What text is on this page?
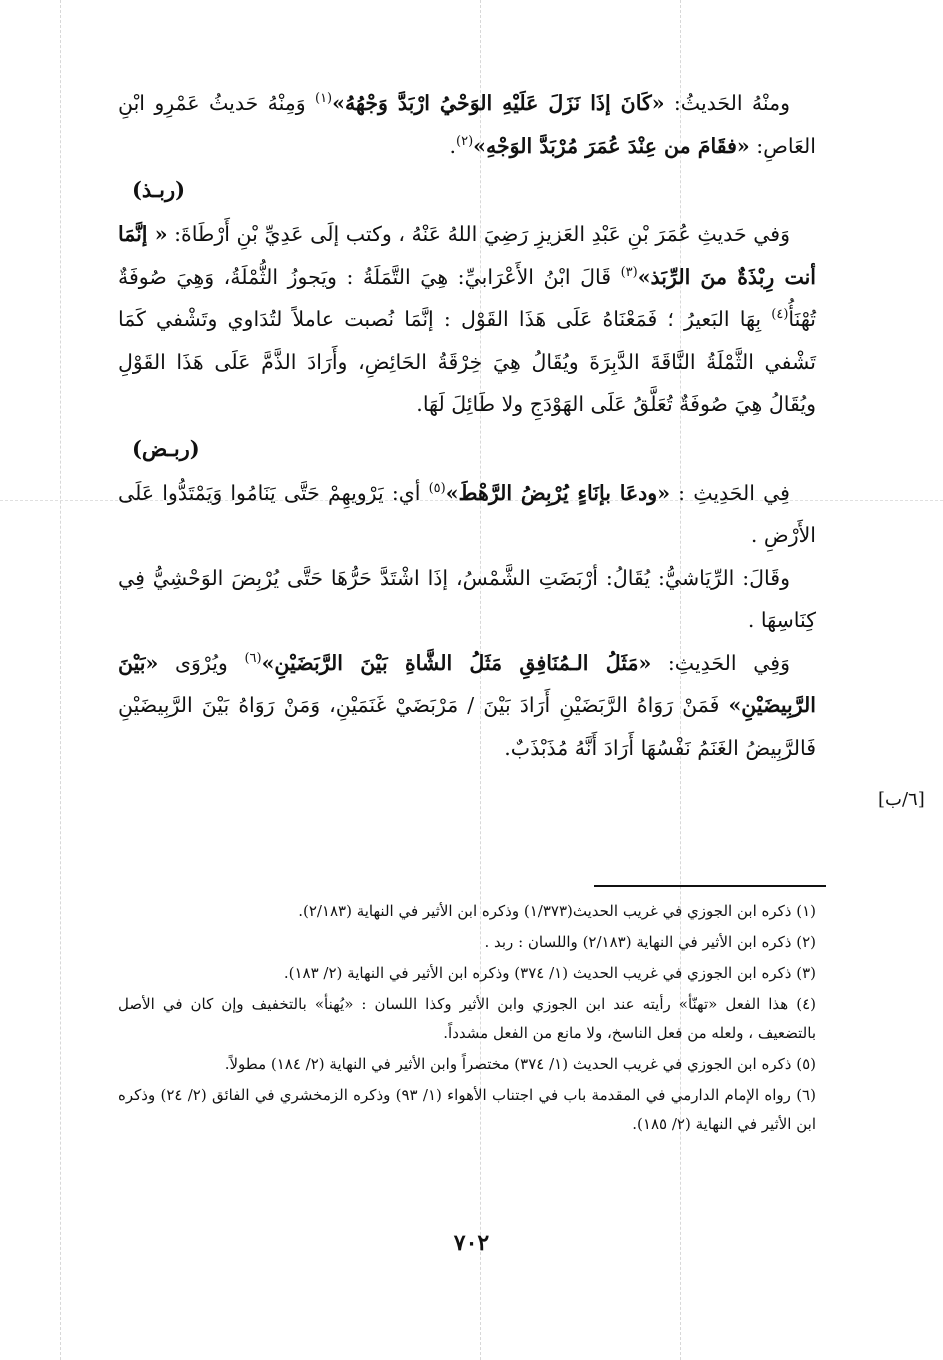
ومنْهُ الحَديثُ: «كَانَ إذَا نَزَلَ عَلَيْهِ الوَحْيُ ارْبَدَّ وَجْهُهُ»$^{(١)}$ وَمِنْهُ حَديثُ عَمْرِو ابْنِ العَاصِ: «فقَامَ من عِنْدَ عُمَرَ مُرْبَدَّ الوَجْهِ»$^{(٢)}$.

(ربـذ)

وَفي حَديثِ عُمَرَ بْنِ عَبْدِ العَزيزِ رَضِيَ اللهُ عَنْهُ ، وكتب إلَى عَدِيِّ بْنِ أَرْطَاةَ: « إنَّمَا أنت رِبْذَةٌ منَ الرِّبَذ»$^{(٣)}$ قَالَ ابْنُ الأَعْرَابيِّ: هِيَ التَّمَلَةُ : ويَجوزُ الثُّمْلَةُ، وَهِيَ صُوفَةٌ تُهْنَأُ$^{(٤)}$ بِهَا البَعيرُ ؛ فَمَعْنَاهُ عَلَى هَذَا القَوْل : إنَّمَا نُصبت عاملاً لتُدَاوي وتَشْفي كَمَا تَشْفي الثَّمْلَةُ النَّاقَةَ الدَّبِرَةَ ويُقَالُ هِيَ خِرْقَةُ الحَائِضِ، وأَرَادَ الذَّمَّ عَلَى هَذَا القَوْلِ ويُقَالُ هِيَ صُوفَةٌ تُعَلَّقُ عَلَى الهَوْدَجِ ولا طَائِلَ لَهَا.

(ربـض)

فِي الحَدِيثِ : «ودعَا بإنَاءٍ يُرْبِضُ الرَّهْطَ»$^{(٥)}$ أي: يَرْويهِمْ حَتَّى يَنَامُوا وَيَمْتَدُّوا عَلَى الأَرْضِ .

وقَالَ: الرِّيَاشيُّ: يُقَالُ: أرْبَضَتِ الشَّمْسُ، إذَا اشْتَدَّ حَرُّهَا حَتَّى يُرْبِضَ الوَحْشِيُّ فِي كِنَاسِهَا .

وَفِي الحَدِيثِ: «مَثَلُ الـمُنَافِقِ مَثَلُ الشَّاةِ بَيْنَ الرَّبَضَيْنِ»$^{(٦)}$ ويُرْوَى «بَيْنَ الرَّبِيضَيْنِ» فَمَنْ رَوَاهُ الرَّبَضَيْنِ أَرَادَ بَيْنَ / مَرْبَضَيْ غَنَمَيْنِ، وَمَنْ رَوَاهُ بَيْنَ الرَّبِيضَيْنِ فَالرَّبِيضُ الغَنَمُ نَفْسُهَا أَرَادَ أَنَّهُ مُذَبْذَبٌ.

[٦/ب]

(١) ذكره ابن الجوزي في غريب الحديث(١/٣٧٣) وذكره ابن الأثير في النهاية (٢/١٨٣).

(٢) ذكره ابن الأثير في النهاية (٢/١٨٣) واللسان : ربد .

(٣) ذكره ابن الجوزي في غريب الحديث (١/ ٣٧٤) وذكره ابن الأثير في النهاية (٢/ ١٨٣).

(٤) هذا الفعل «تهنّأ» رأيته عند ابن الجوزي وابن الأثير وكذا اللسان : «يُهنأ» بالتخفيف وإن كان في الأصل بالتضعيف ، ولعله من فعل الناسخ، ولا مانع من الفعل مشدداً.

(٥) ذكره ابن الجوزي في غريب الحديث (١/ ٣٧٤) مختصراً وابن الأثير في النهاية (٢/ ١٨٤) مطولاً.

(٦) رواه الإمام الدارمي في المقدمة باب في اجتناب الأهواء (١/ ٩٣) وذكره الزمخشري في الفائق (٢/ ٢٤) وذكره ابن الأثير في النهاية (٢/ ١٨٥).

٧٠٢
